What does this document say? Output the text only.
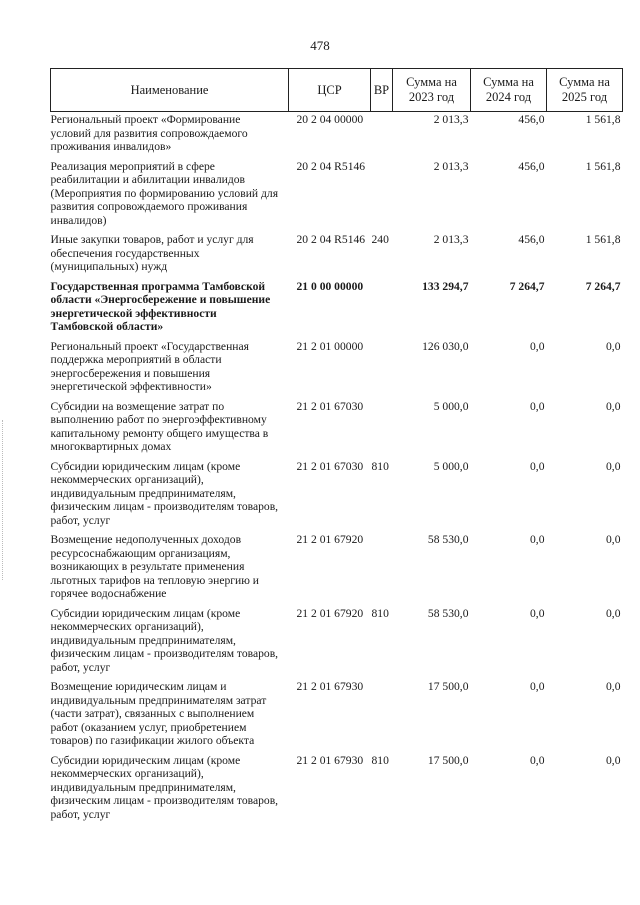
478
Наименование	ЦСР	ВР	Сумма на 2023 год	Сумма на 2024 год	Сумма на 2025 год
Региональный проект «Формирование условий для развития сопровождаемого проживания инвалидов»	20 2 04 00000		2 013,3	456,0	1 561,8
Реализация мероприятий в сфере реабилитации и абилитации инвалидов (Мероприятия по формированию условий для развития сопровождаемого проживания инвалидов)	20 2 04 R5146		2 013,3	456,0	1 561,8
Иные закупки товаров, работ и услуг для обеспечения государственных (муниципальных) нужд	20 2 04 R5146	240	2 013,3	456,0	1 561,8
Государственная программа Тамбовской области «Энергосбережение и повышение энергетической эффективности Тамбовской области»	21 0 00 00000		133 294,7	7 264,7	7 264,7
Региональный проект «Государственная поддержка мероприятий в области энергосбережения и повышения энергетической эффективности»	21 2 01 00000		126 030,0	0,0	0,0
Субсидии на возмещение затрат по выполнению работ по энергоэффективному капитальному ремонту общего имущества в многоквартирных домах	21 2 01 67030		5 000,0	0,0	0,0
Субсидии юридическим лицам (кроме некоммерческих организаций), индивидуальным предпринимателям, физическим лицам - производителям товаров, работ, услуг	21 2 01 67030	810	5 000,0	0,0	0,0
Возмещение недополученных доходов ресурсоснабжающим организациям, возникающих в результате применения льготных тарифов на тепловую энергию и горячее водоснабжение	21 2 01 67920		58 530,0	0,0	0,0
Субсидии юридическим лицам (кроме некоммерческих организаций), индивидуальным предпринимателям, физическим лицам - производителям товаров, работ, услуг	21 2 01 67920	810	58 530,0	0,0	0,0
Возмещение юридическим лицам и индивидуальным предпринимателям затрат (части затрат), связанных с выполнением работ (оказанием услуг, приобретением товаров) по газификации жилого объекта	21 2 01 67930		17 500,0	0,0	0,0
Субсидии юридическим лицам (кроме некоммерческих организаций), индивидуальным предпринимателям, физическим лицам - производителям товаров, работ, услуг	21 2 01 67930	810	17 500,0	0,0	0,0
